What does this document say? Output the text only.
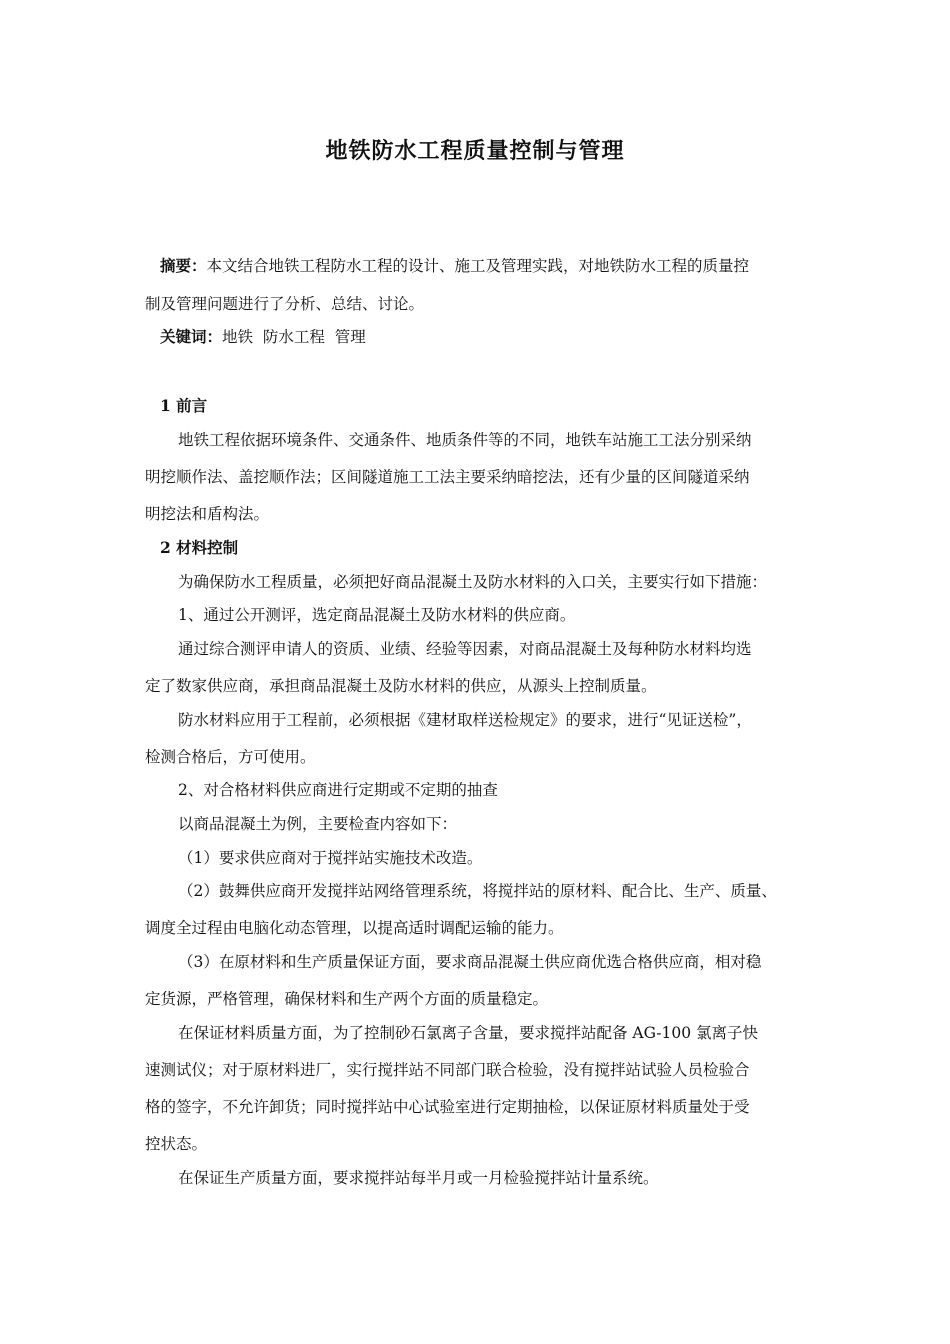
地铁防水工程质量控制与管理
摘要：本文结合地铁工程防水工程的设计、施工及管理实践，对地铁防水工程的质量控
制及管理问题进行了分析、总结、讨论。
关键词：地铁  防水工程  管理
1 前言
地铁工程依据环境条件、交通条件、地质条件等的不同，地铁车站施工工法分别采纳
明挖顺作法、盖挖顺作法；区间隧道施工工法主要采纳暗挖法，还有少量的区间隧道采纳
明挖法和盾构法。
2 材料控制
为确保防水工程质量，必须把好商品混凝土及防水材料的入口关，主要实行如下措施：
1、通过公开测评，选定商品混凝土及防水材料的供应商。
通过综合测评申请人的资质、业绩、经验等因素，对商品混凝土及每种防水材料均选
定了数家供应商，承担商品混凝土及防水材料的供应，从源头上控制质量。
防水材料应用于工程前，必须根据《建材取样送检规定》的要求，进行“见证送检”，
检测合格后，方可使用。
2、对合格材料供应商进行定期或不定期的抽查
以商品混凝土为例，主要检查内容如下：
（1）要求供应商对于搅拌站实施技术改造。
（2）鼓舞供应商开发搅拌站网络管理系统，将搅拌站的原材料、配合比、生产、质量、
调度全过程由电脑化动态管理，以提高适时调配运输的能力。
（3）在原材料和生产质量保证方面，要求商品混凝土供应商优选合格供应商，相对稳
定货源，严格管理，确保材料和生产两个方面的质量稳定。
在保证材料质量方面，为了控制砂石氯离子含量，要求搅拌站配备 AG-100 氯离子快
速测试仪；对于原材料进厂，实行搅拌站不同部门联合检验，没有搅拌站试验人员检验合
格的签字，不允许卸货；同时搅拌站中心试验室进行定期抽检，以保证原材料质量处于受
控状态。
在保证生产质量方面，要求搅拌站每半月或一月检验搅拌站计量系统。
